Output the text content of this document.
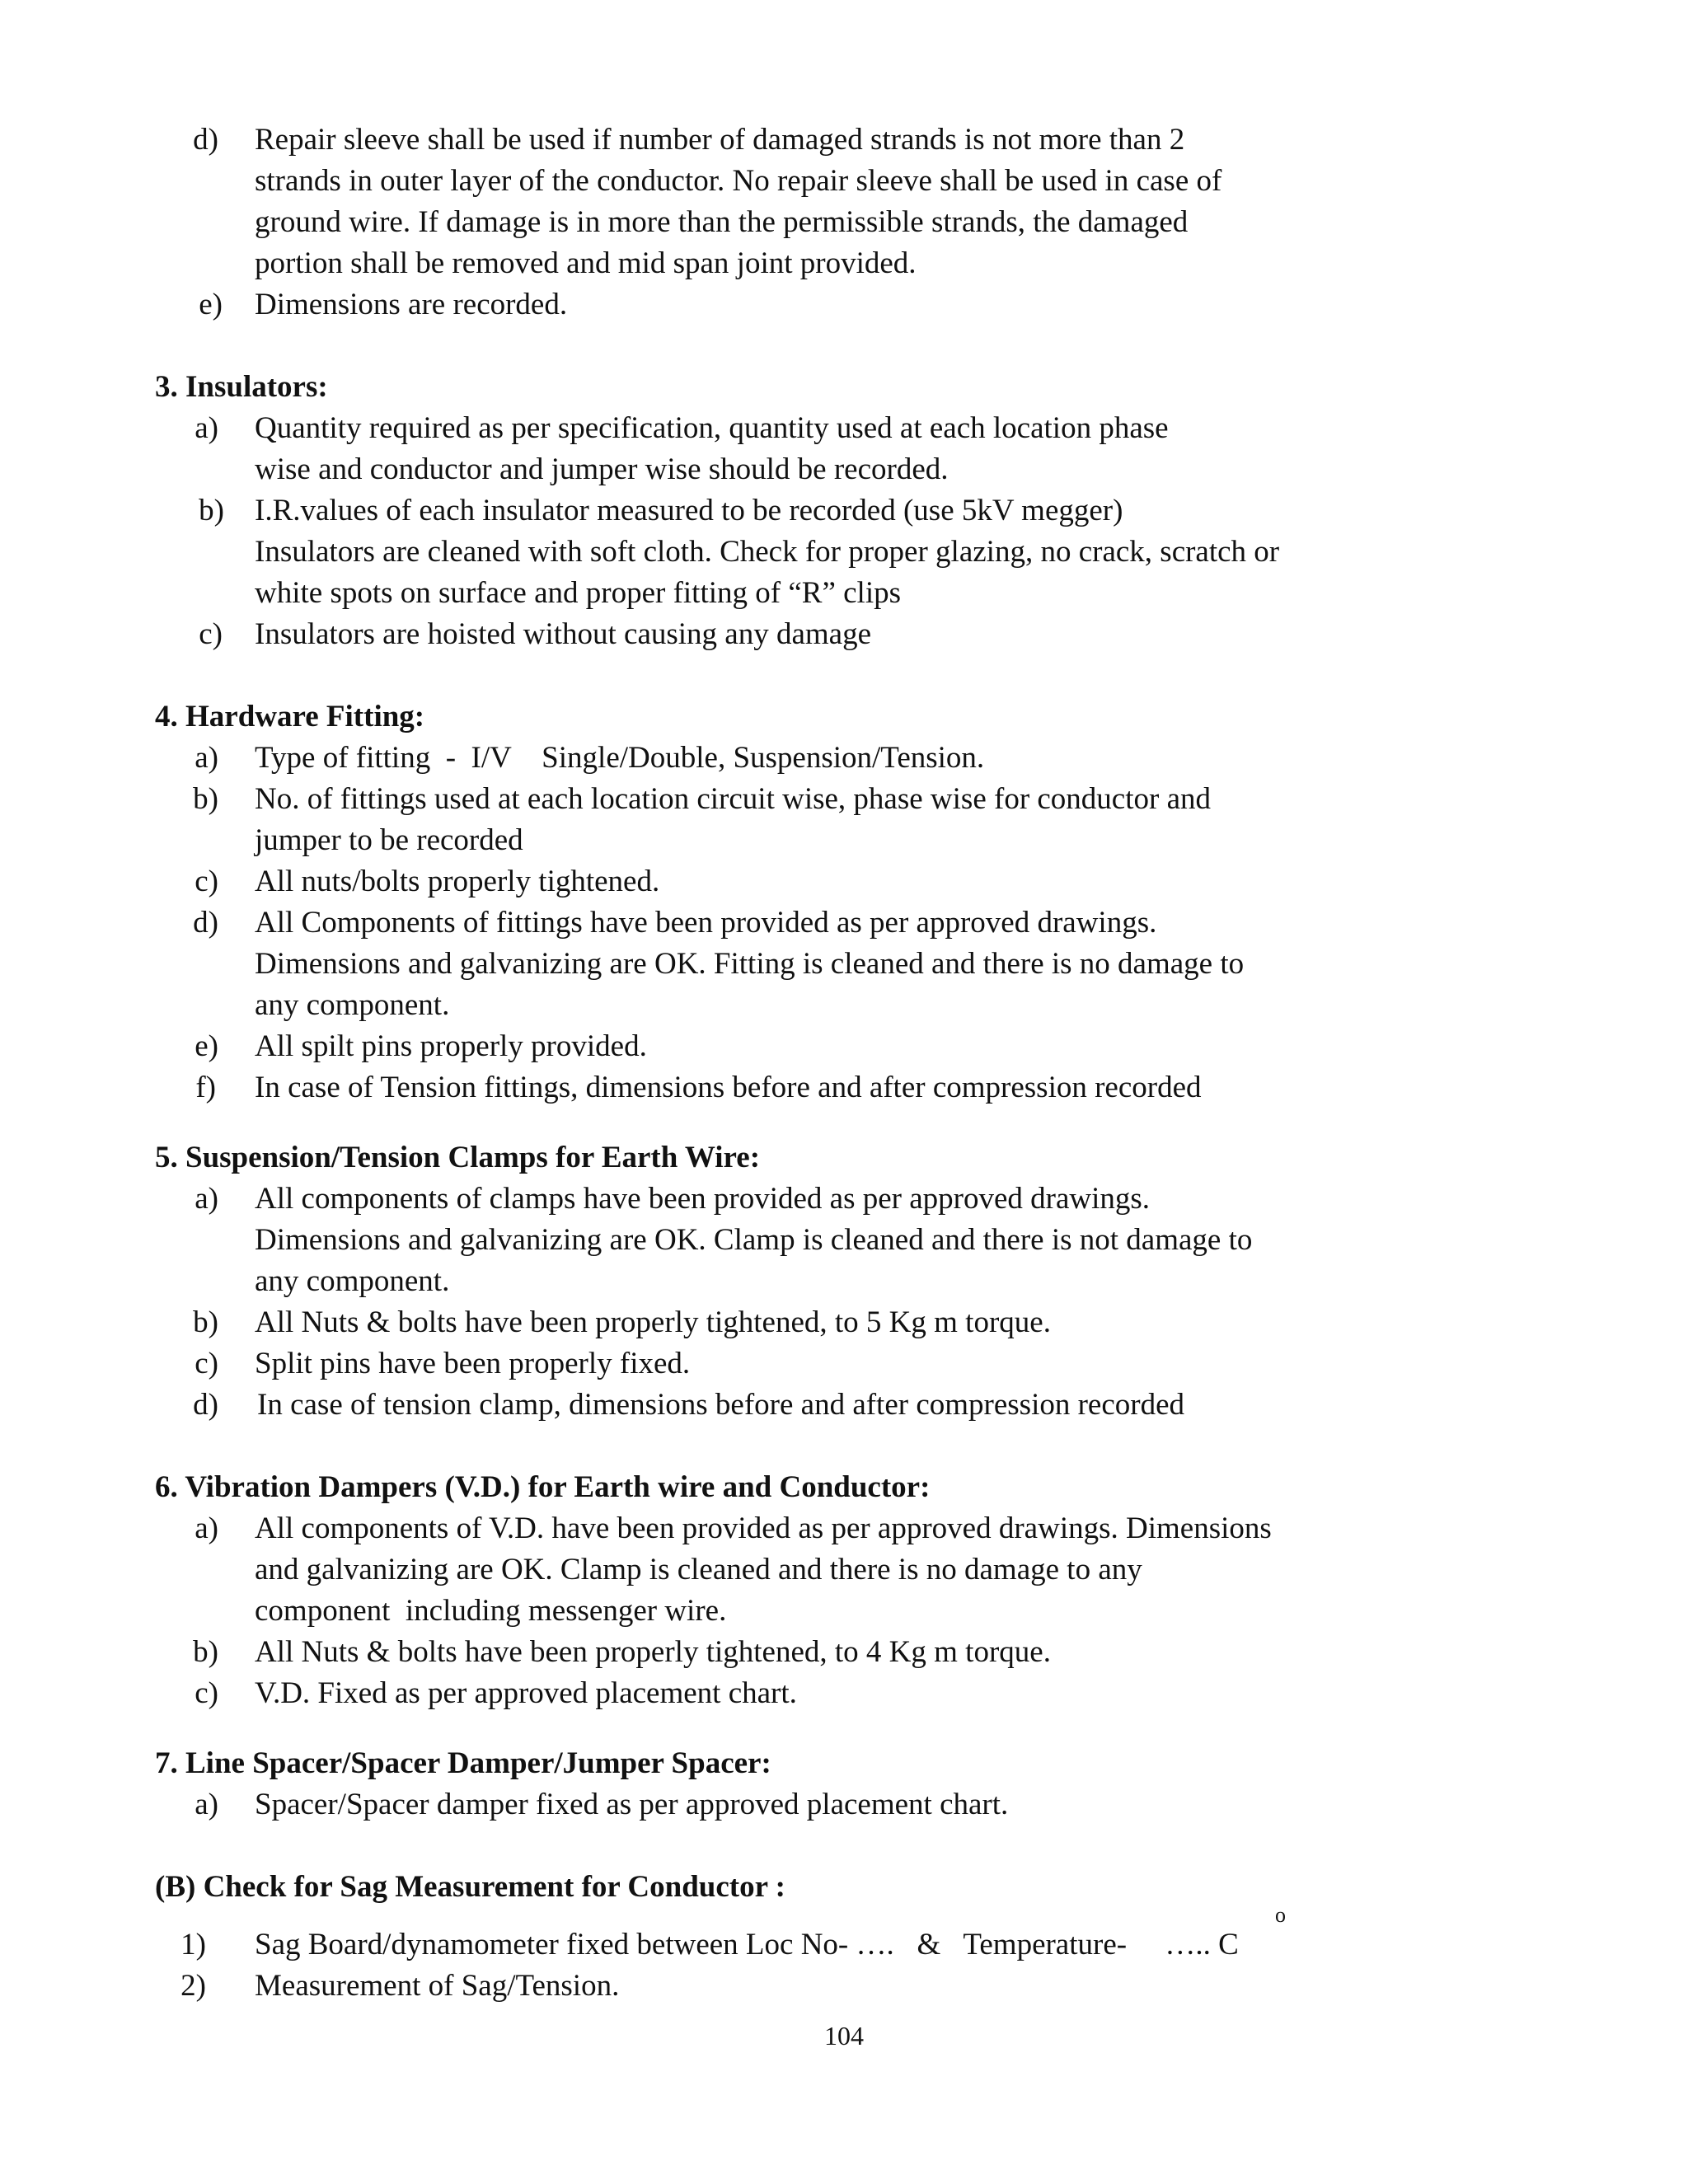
d) Repair sleeve shall be used if number of damaged strands is not more than 2
strands in outer layer of the conductor. No repair sleeve shall be used in case of
ground wire. If damage is in more than the permissible strands, the damaged
portion shall be removed and mid span joint provided.
e) Dimensions are recorded.
3. Insulators:
a) Quantity required as per specification, quantity used at each location phase
wise and conductor and jumper wise should be recorded.
b) I.R.values of each insulator measured to be recorded (use 5kV megger)
Insulators are cleaned with soft cloth. Check for proper glazing, no crack, scratch or
white spots on surface and proper fitting of “R” clips
c) Insulators are hoisted without causing any damage
4. Hardware Fitting:
a) Type of fitting  -  I/V    Single/Double, Suspension/Tension.
b) No. of fittings used at each location circuit wise, phase wise for conductor and
jumper to be recorded
c) All nuts/bolts properly tightened.
d) All Components of fittings have been provided as per approved drawings.
Dimensions and galvanizing are OK. Fitting is cleaned and there is no damage to
any component.
e) All spilt pins properly provided.
f) In case of Tension fittings, dimensions before and after compression recorded
5. Suspension/Tension Clamps for Earth Wire:
a) All components of clamps have been provided as per approved drawings.
Dimensions and galvanizing are OK. Clamp is cleaned and there is not damage to
any component.
b) All Nuts & bolts have been properly tightened, to 5 Kg m torque.
c) Split pins have been properly fixed.
d) In case of tension clamp, dimensions before and after compression recorded
6. Vibration Dampers (V.D.) for Earth wire and Conductor:
a) All components of V.D. have been provided as per approved drawings. Dimensions
and galvanizing are OK. Clamp is cleaned and there is no damage to any
component  including messenger wire.
b) All Nuts & bolts have been properly tightened, to 4 Kg m torque.
c) V.D. Fixed as per approved placement chart.
7. Line Spacer/Spacer Damper/Jumper Spacer:
a) Spacer/Spacer damper fixed as per approved placement chart.
(B) Check for Sag Measurement for Conductor :
o
1) Sag Board/dynamometer fixed between Loc No- ….   &   Temperature-     ….. C
2) Measurement of Sag/Tension.
104
